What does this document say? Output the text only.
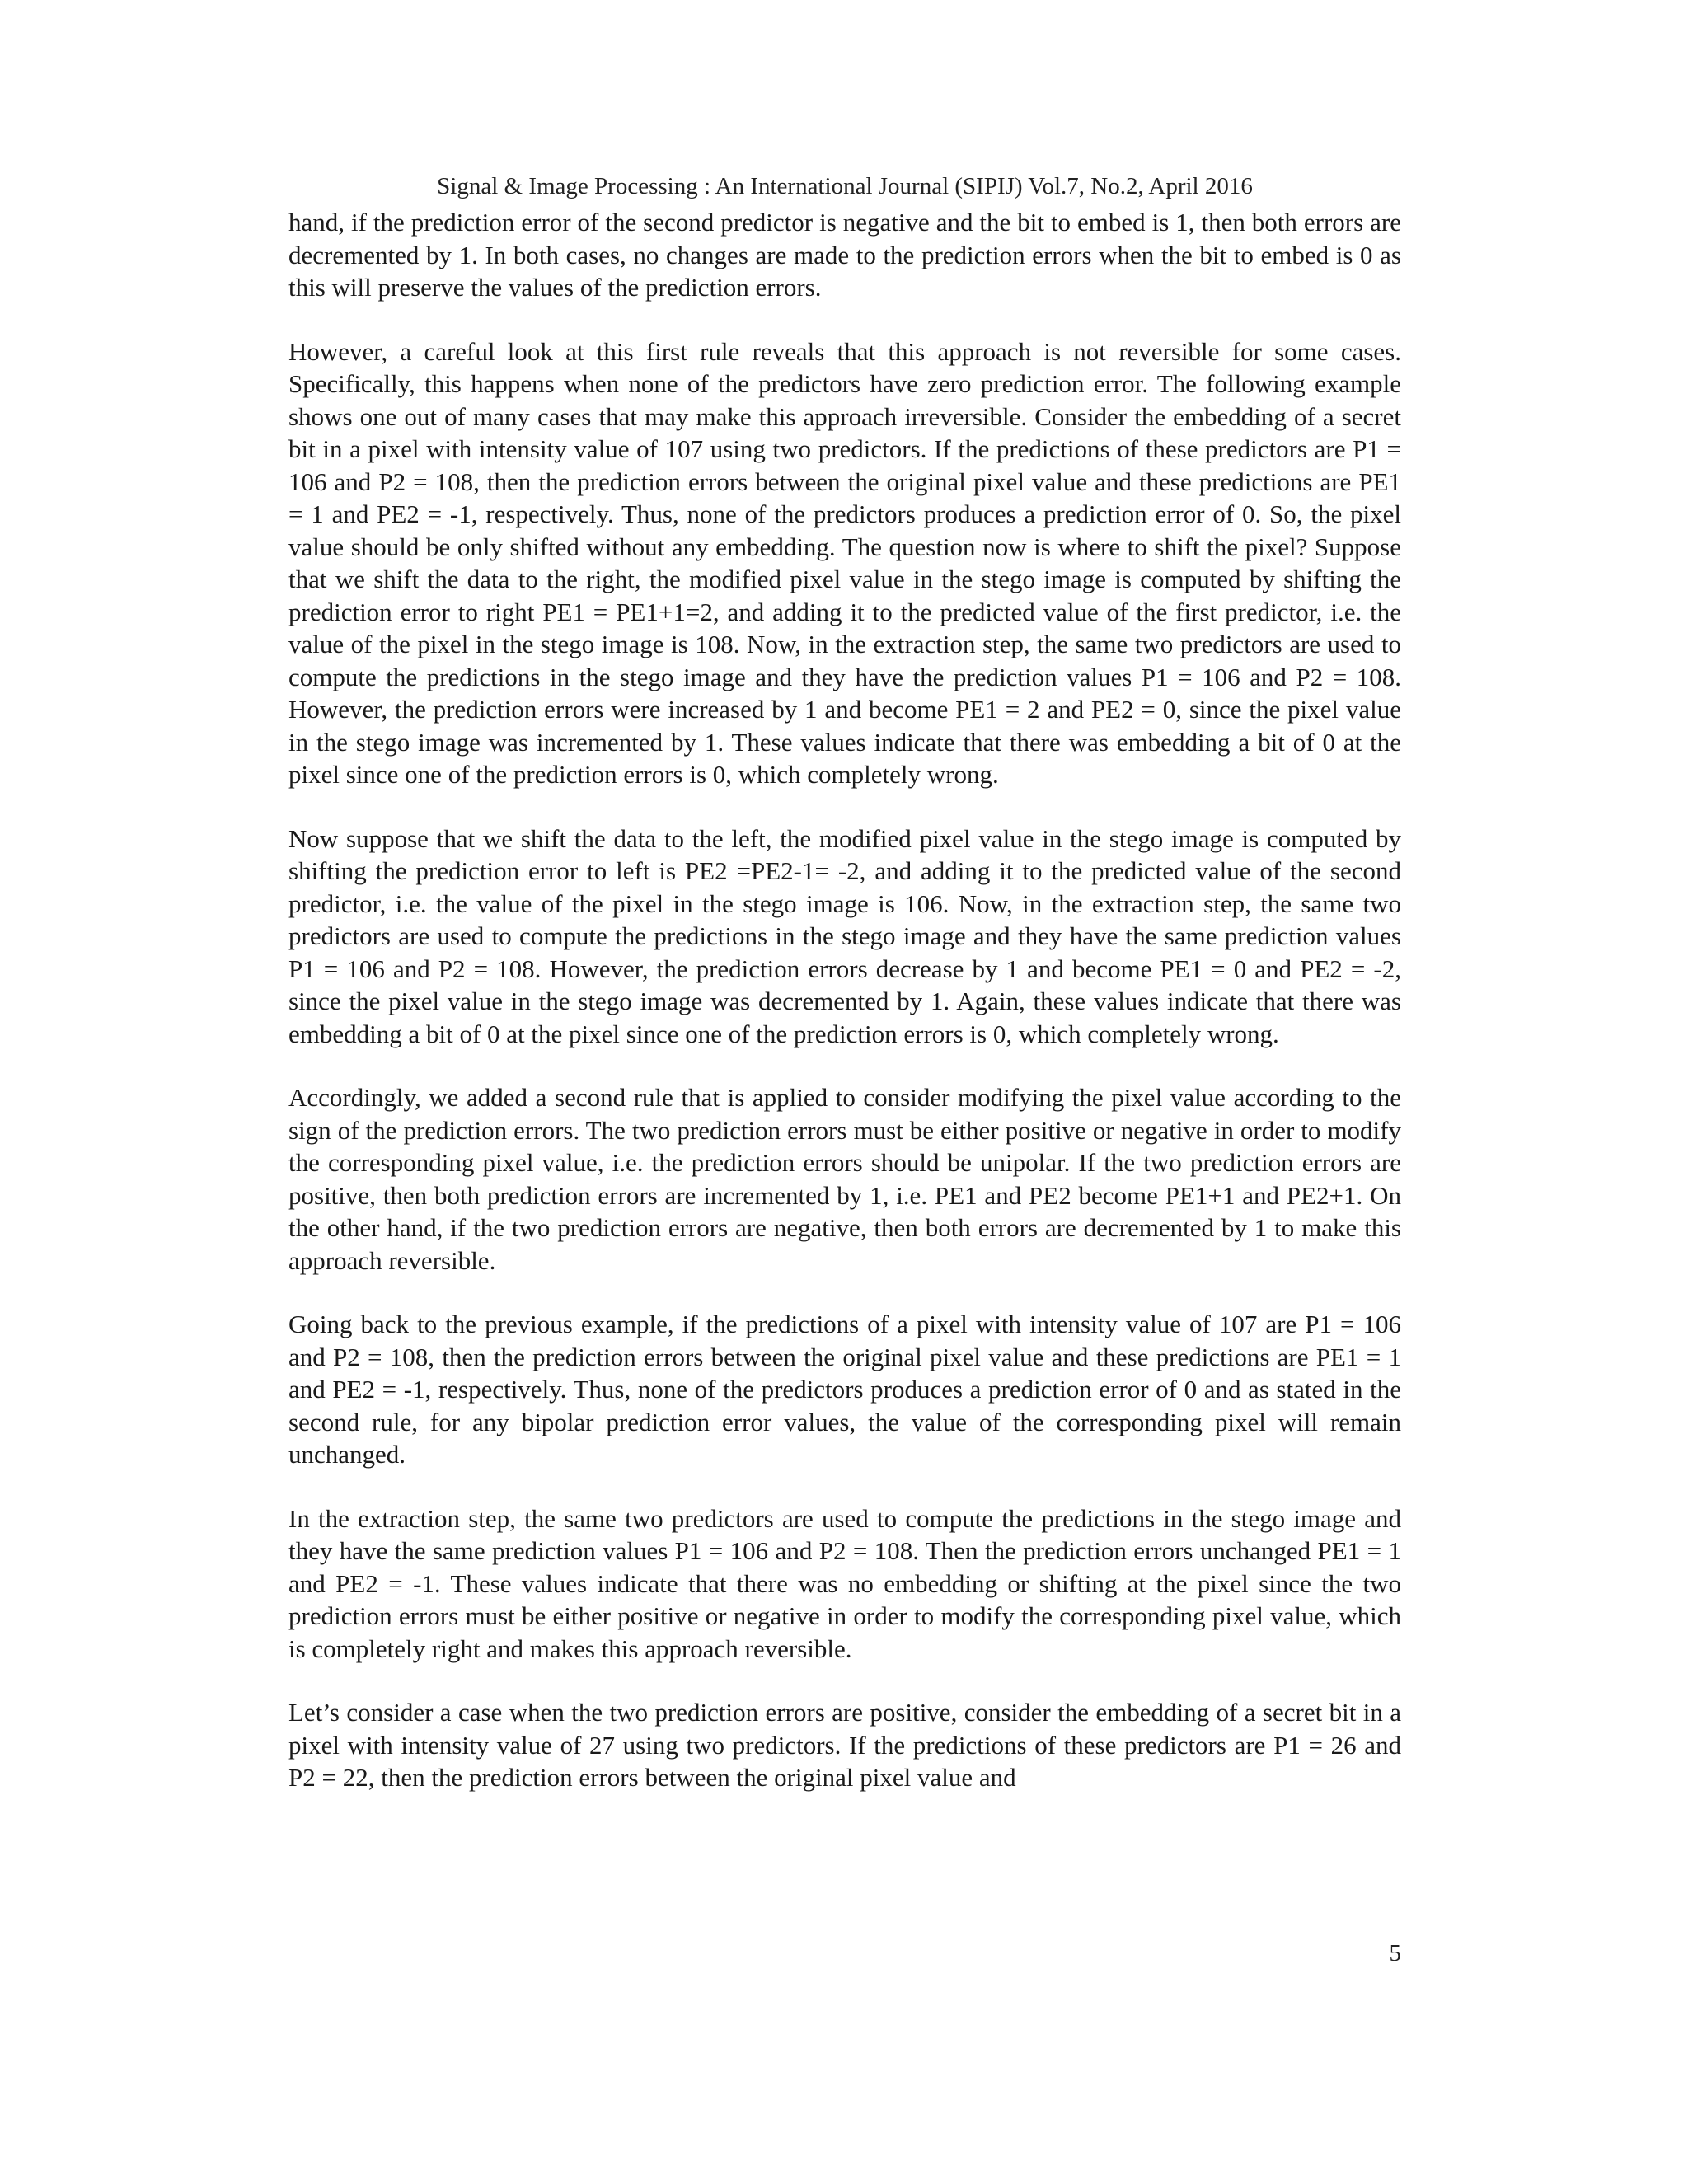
Signal & Image Processing : An International Journal (SIPIJ) Vol.7, No.2, April 2016

hand, if the prediction error of the second predictor is negative and the bit to embed is 1, then both errors are decremented by 1. In both cases, no changes are made to the prediction errors when the bit to embed is 0 as this will preserve the values of the prediction errors.

However, a careful look at this first rule reveals that this approach is not reversible for some cases. Specifically, this happens when none of the predictors have zero prediction error. The following example shows one out of many cases that may make this approach irreversible. Consider the embedding of a secret bit in a pixel with intensity value of 107 using two predictors. If the predictions of these predictors are P1 = 106 and P2 = 108, then the prediction errors between the original pixel value and these predictions are PE1 = 1 and PE2 = -1, respectively. Thus, none of the predictors produces a prediction error of 0. So, the pixel value should be only shifted without any embedding. The question now is where to shift the pixel? Suppose that we shift the data to the right, the modified pixel value in the stego image is computed by shifting the prediction error to right PE1 = PE1+1=2, and adding it to the predicted value of the first predictor, i.e. the value of the pixel in the stego image is 108. Now, in the extraction step, the same two predictors are used to compute the predictions in the stego image and they have the prediction values P1 = 106 and P2 = 108. However, the prediction errors were increased by 1 and become PE1 = 2 and PE2 = 0, since the pixel value in the stego image was incremented by 1. These values indicate that there was embedding a bit of 0 at the pixel since one of the prediction errors is 0, which completely wrong.

Now suppose that we shift the data to the left, the modified pixel value in the stego image is computed by shifting the prediction error to left is PE2 =PE2-1= -2, and adding it to the predicted value of the second predictor, i.e. the value of the pixel in the stego image is 106. Now, in the extraction step, the same two predictors are used to compute the predictions in the stego image and they have the same prediction values P1 = 106 and P2 = 108. However, the prediction errors decrease by 1 and become PE1 = 0 and PE2 = -2, since the pixel value in the stego image was decremented by 1. Again, these values indicate that there was embedding a bit of 0 at the pixel since one of the prediction errors is 0, which completely wrong.

Accordingly, we added a second rule that is applied to consider modifying the pixel value according to the sign of the prediction errors. The two prediction errors must be either positive or negative in order to modify the corresponding pixel value, i.e. the prediction errors should be unipolar. If the two prediction errors are positive, then both prediction errors are incremented by 1, i.e. PE1 and PE2 become PE1+1 and PE2+1. On the other hand, if the two prediction errors are negative, then both errors are decremented by 1 to make this approach reversible.

Going back to the previous example, if the predictions of a pixel with intensity value of 107 are P1 = 106 and P2 = 108, then the prediction errors between the original pixel value and these predictions are PE1 = 1 and PE2 = -1, respectively. Thus, none of the predictors produces a prediction error of 0 and as stated in the second rule, for any bipolar prediction error values, the value of the corresponding pixel will remain unchanged.

In the extraction step, the same two predictors are used to compute the predictions in the stego image and they have the same prediction values P1 = 106 and P2 = 108. Then the prediction errors unchanged PE1 = 1 and PE2 = -1. These values indicate that there was no embedding or shifting at the pixel since the two prediction errors must be either positive or negative in order to modify the corresponding pixel value, which is completely right and makes this approach reversible.

Let’s consider a case when the two prediction errors are positive, consider the embedding of a secret bit in a pixel with intensity value of 27 using two predictors. If the predictions of these predictors are P1 = 26 and P2 = 22, then the prediction errors between the original pixel value and

5
